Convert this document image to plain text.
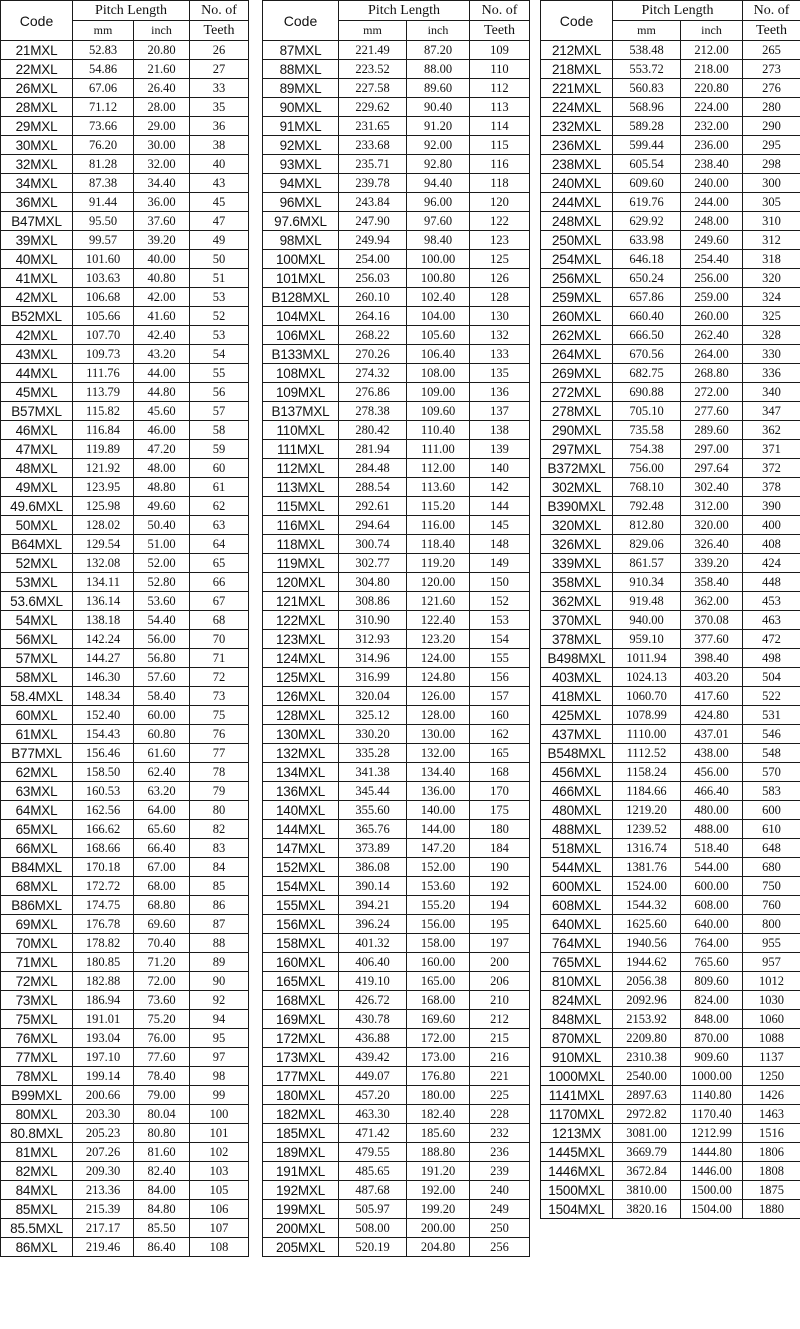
Code	Pitch Length		No. of
	mm	inch	Teeth
21MXL	52.83	20.80	26
22MXL	54.86	21.60	27
26MXL	67.06	26.40	33
28MXL	71.12	28.00	35
29MXL	73.66	29.00	36
30MXL	76.20	30.00	38
32MXL	81.28	32.00	40
34MXL	87.38	34.40	43
36MXL	91.44	36.00	45
B47MXL	95.50	37.60	47
39MXL	99.57	39.20	49
40MXL	101.60	40.00	50
41MXL	103.63	40.80	51
42MXL	106.68	42.00	53
B52MXL	105.66	41.60	52
42MXL	107.70	42.40	53
43MXL	109.73	43.20	54
44MXL	111.76	44.00	55
45MXL	113.79	44.80	56
B57MXL	115.82	45.60	57
46MXL	116.84	46.00	58
47MXL	119.89	47.20	59
48MXL	121.92	48.00	60
49MXL	123.95	48.80	61
49.6MXL	125.98	49.60	62
50MXL	128.02	50.40	63
B64MXL	129.54	51.00	64
52MXL	132.08	52.00	65
53MXL	134.11	52.80	66
53.6MXL	136.14	53.60	67
54MXL	138.18	54.40	68
56MXL	142.24	56.00	70
57MXL	144.27	56.80	71
58MXL	146.30	57.60	72
58.4MXL	148.34	58.40	73
60MXL	152.40	60.00	75
61MXL	154.43	60.80	76
B77MXL	156.46	61.60	77
62MXL	158.50	62.40	78
63MXL	160.53	63.20	79
64MXL	162.56	64.00	80
65MXL	166.62	65.60	82
66MXL	168.66	66.40	83
B84MXL	170.18	67.00	84
68MXL	172.72	68.00	85
B86MXL	174.75	68.80	86
69MXL	176.78	69.60	87
70MXL	178.82	70.40	88
71MXL	180.85	71.20	89
72MXL	182.88	72.00	90
73MXL	186.94	73.60	92
75MXL	191.01	75.20	94
76MXL	193.04	76.00	95
77MXL	197.10	77.60	97
78MXL	199.14	78.40	98
B99MXL	200.66	79.00	99
80MXL	203.30	80.04	100
80.8MXL	205.23	80.80	101
81MXL	207.26	81.60	102
82MXL	209.30	82.40	103
84MXL	213.36	84.00	105
85MXL	215.39	84.80	106
85.5MXL	217.17	85.50	107
86MXL	219.46	86.40	108
Code	Pitch Length		No. of
	mm	inch	Teeth
87MXL	221.49	87.20	109
88MXL	223.52	88.00	110
89MXL	227.58	89.60	112
90MXL	229.62	90.40	113
91MXL	231.65	91.20	114
92MXL	233.68	92.00	115
93MXL	235.71	92.80	116
94MXL	239.78	94.40	118
96MXL	243.84	96.00	120
97.6MXL	247.90	97.60	122
98MXL	249.94	98.40	123
100MXL	254.00	100.00	125
101MXL	256.03	100.80	126
B128MXL	260.10	102.40	128
104MXL	264.16	104.00	130
106MXL	268.22	105.60	132
B133MXL	270.26	106.40	133
108MXL	274.32	108.00	135
109MXL	276.86	109.00	136
B137MXL	278.38	109.60	137
110MXL	280.42	110.40	138
111MXL	281.94	111.00	139
112MXL	284.48	112.00	140
113MXL	288.54	113.60	142
115MXL	292.61	115.20	144
116MXL	294.64	116.00	145
118MXL	300.74	118.40	148
119MXL	302.77	119.20	149
120MXL	304.80	120.00	150
121MXL	308.86	121.60	152
122MXL	310.90	122.40	153
123MXL	312.93	123.20	154
124MXL	314.96	124.00	155
125MXL	316.99	124.80	156
126MXL	320.04	126.00	157
128MXL	325.12	128.00	160
130MXL	330.20	130.00	162
132MXL	335.28	132.00	165
134MXL	341.38	134.40	168
136MXL	345.44	136.00	170
140MXL	355.60	140.00	175
144MXL	365.76	144.00	180
147MXL	373.89	147.20	184
152MXL	386.08	152.00	190
154MXL	390.14	153.60	192
155MXL	394.21	155.20	194
156MXL	396.24	156.00	195
158MXL	401.32	158.00	197
160MXL	406.40	160.00	200
165MXL	419.10	165.00	206
168MXL	426.72	168.00	210
169MXL	430.78	169.60	212
172MXL	436.88	172.00	215
173MXL	439.42	173.00	216
177MXL	449.07	176.80	221
180MXL	457.20	180.00	225
182MXL	463.30	182.40	228
185MXL	471.42	185.60	232
189MXL	479.55	188.80	236
191MXL	485.65	191.20	239
192MXL	487.68	192.00	240
199MXL	505.97	199.20	249
200MXL	508.00	200.00	250
205MXL	520.19	204.80	256
Code	Pitch Length		No. of
	mm	inch	Teeth
212MXL	538.48	212.00	265
218MXL	553.72	218.00	273
221MXL	560.83	220.80	276
224MXL	568.96	224.00	280
232MXL	589.28	232.00	290
236MXL	599.44	236.00	295
238MXL	605.54	238.40	298
240MXL	609.60	240.00	300
244MXL	619.76	244.00	305
248MXL	629.92	248.00	310
250MXL	633.98	249.60	312
254MXL	646.18	254.40	318
256MXL	650.24	256.00	320
259MXL	657.86	259.00	324
260MXL	660.40	260.00	325
262MXL	666.50	262.40	328
264MXL	670.56	264.00	330
269MXL	682.75	268.80	336
272MXL	690.88	272.00	340
278MXL	705.10	277.60	347
290MXL	735.58	289.60	362
297MXL	754.38	297.00	371
B372MXL	756.00	297.64	372
302MXL	768.10	302.40	378
B390MXL	792.48	312.00	390
320MXL	812.80	320.00	400
326MXL	829.06	326.40	408
339MXL	861.57	339.20	424
358MXL	910.34	358.40	448
362MXL	919.48	362.00	453
370MXL	940.00	370.08	463
378MXL	959.10	377.60	472
B498MXL	1011.94	398.40	498
403MXL	1024.13	403.20	504
418MXL	1060.70	417.60	522
425MXL	1078.99	424.80	531
437MXL	1110.00	437.01	546
B548MXL	1112.52	438.00	548
456MXL	1158.24	456.00	570
466MXL	1184.66	466.40	583
480MXL	1219.20	480.00	600
488MXL	1239.52	488.00	610
518MXL	1316.74	518.40	648
544MXL	1381.76	544.00	680
600MXL	1524.00	600.00	750
608MXL	1544.32	608.00	760
640MXL	1625.60	640.00	800
764MXL	1940.56	764.00	955
765MXL	1944.62	765.60	957
810MXL	2056.38	809.60	1012
824MXL	2092.96	824.00	1030
848MXL	2153.92	848.00	1060
870MXL	2209.80	870.00	1088
910MXL	2310.38	909.60	1137
1000MXL	2540.00	1000.00	1250
1141MXL	2897.63	1140.80	1426
1170MXL	2972.82	1170.40	1463
1213MX	3081.00	1212.99	1516
1445MXL	3669.79	1444.80	1806
1446MXL	3672.84	1446.00	1808
1500MXL	3810.00	1500.00	1875
1504MXL	3820.16	1504.00	1880
